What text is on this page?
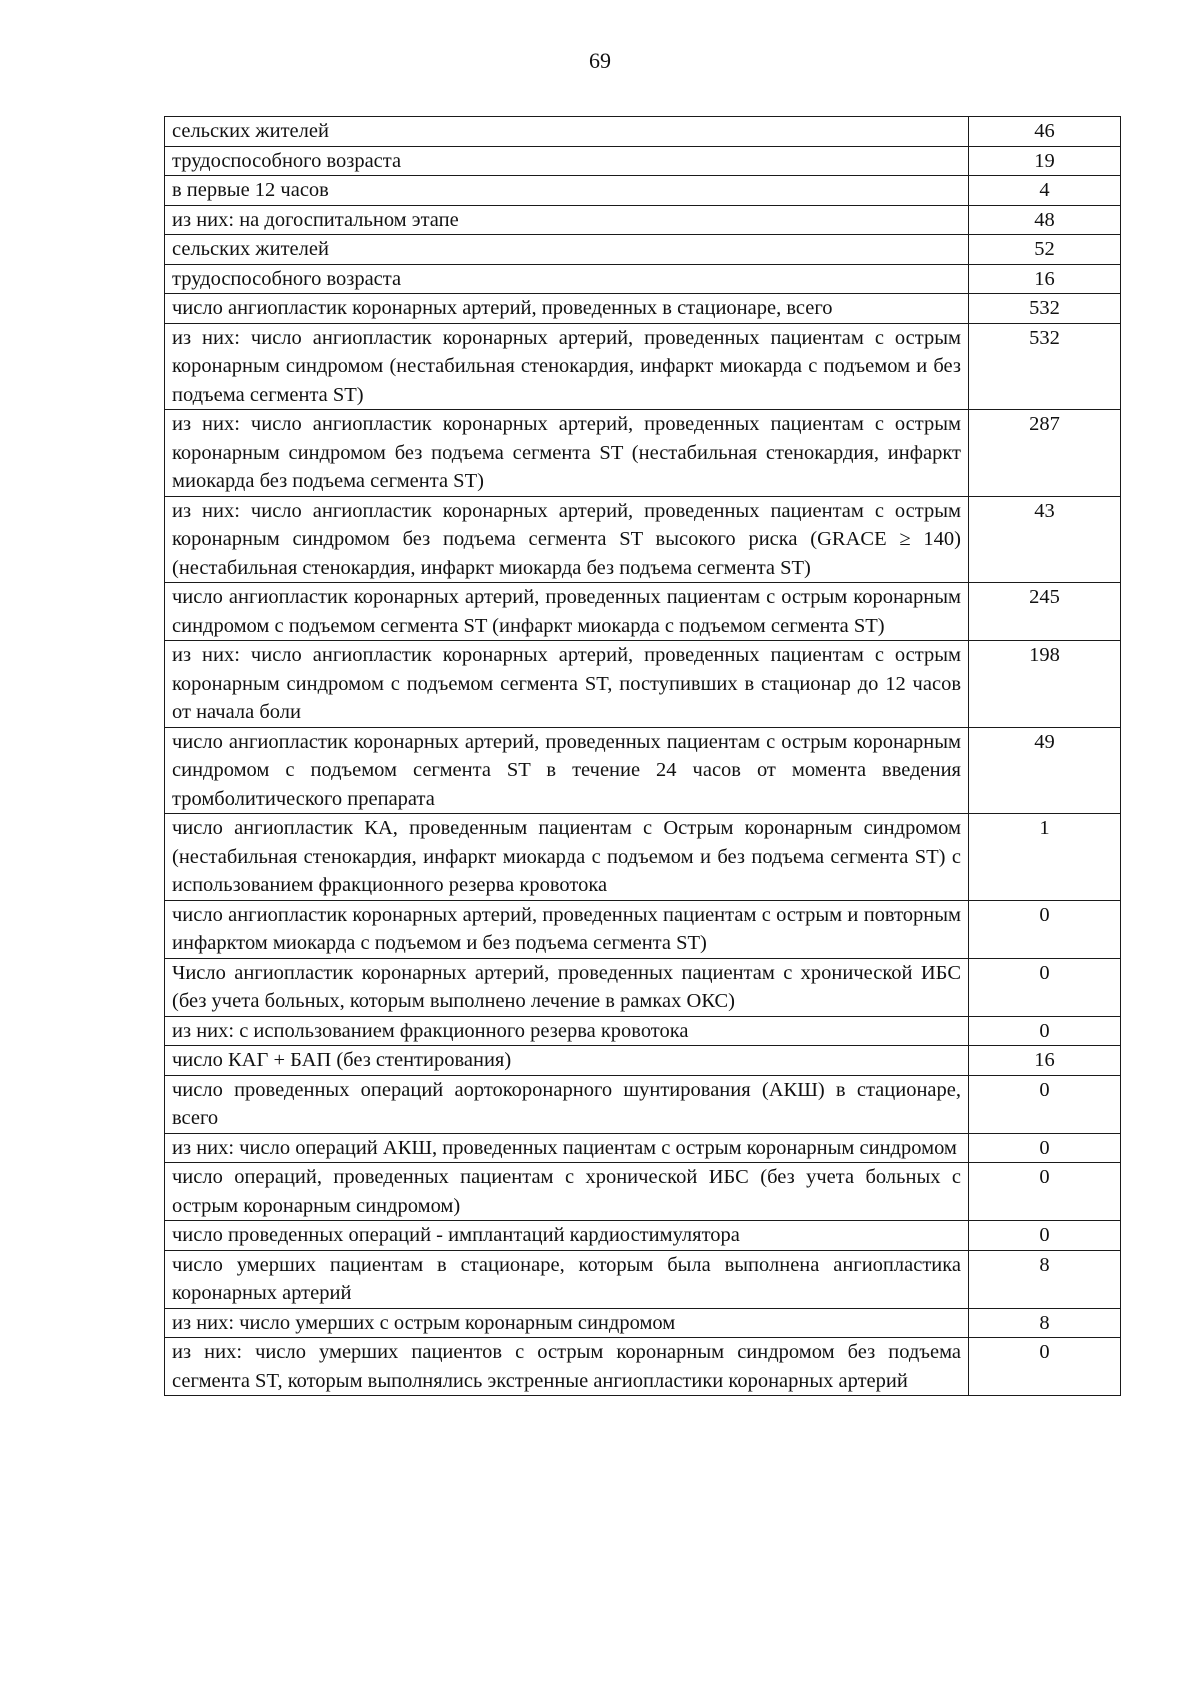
69
сельских жителей	46
трудоспособного возраста	19
в первые 12 часов	4
из них: на догоспитальном этапе	48
сельских жителей	52
трудоспособного возраста	16
число ангиопластик коронарных артерий, проведенных в стационаре, всего	532
из них: число ангиопластик коронарных артерий, проведенных пациентам с острым коронарным синдромом (нестабильная стенокардия, инфаркт миокарда с подъемом и без подъема сегмента ST)	532
из них: число ангиопластик коронарных артерий, проведенных пациентам с острым коронарным синдромом без подъема сегмента ST (нестабильная стенокардия, инфаркт миокарда без подъема сегмента ST)	287
из них: число ангиопластик коронарных артерий, проведенных пациентам с острым коронарным синдромом без подъема сегмента ST высокого риска (GRACE ≥ 140) (нестабильная стенокардия, инфаркт миокарда без подъема сегмента ST)	43
число ангиопластик коронарных артерий, проведенных пациентам с острым коронарным синдромом с подъемом сегмента ST (инфаркт миокарда с подъемом сегмента ST)	245
из них: число ангиопластик коронарных артерий, проведенных пациентам с острым коронарным синдромом с подъемом сегмента ST, поступивших в стационар до 12 часов от начала боли	198
число ангиопластик коронарных артерий, проведенных пациентам с острым коронарным синдромом с подъемом сегмента ST в течение 24 часов от момента введения тромболитического препарата	49
число ангиопластик КА, проведенным пациентам с Острым коронарным синдромом (нестабильная стенокардия, инфаркт миокарда с подъемом и без подъема сегмента ST) с использованием фракционного резерва кровотока	1
число ангиопластик коронарных артерий, проведенных пациентам с острым и повторным инфарктом миокарда с подъемом и без подъема сегмента ST)	0
Число ангиопластик коронарных артерий, проведенных пациентам с хронической ИБС (без учета больных, которым выполнено лечение в рамках ОКС)	0
из них: с использованием фракционного резерва кровотока	0
число КАГ + БАП (без стентирования)	16
число проведенных операций аортокоронарного шунтирования (АКШ) в стационаре, всего	0
из них: число операций АКШ, проведенных пациентам с острым коронарным синдромом	0
число операций, проведенных пациентам с хронической ИБС (без учета больных с острым коронарным синдромом)	0
число проведенных операций - имплантаций кардиостимулятора	0
число умерших пациентам в стационаре, которым была выполнена ангиопластика коронарных артерий	8
из них: число умерших с острым коронарным синдромом	8
из них: число умерших пациентов с острым коронарным синдромом без подъема сегмента ST, которым выполнялись экстренные ангиопластики коронарных артерий	0
